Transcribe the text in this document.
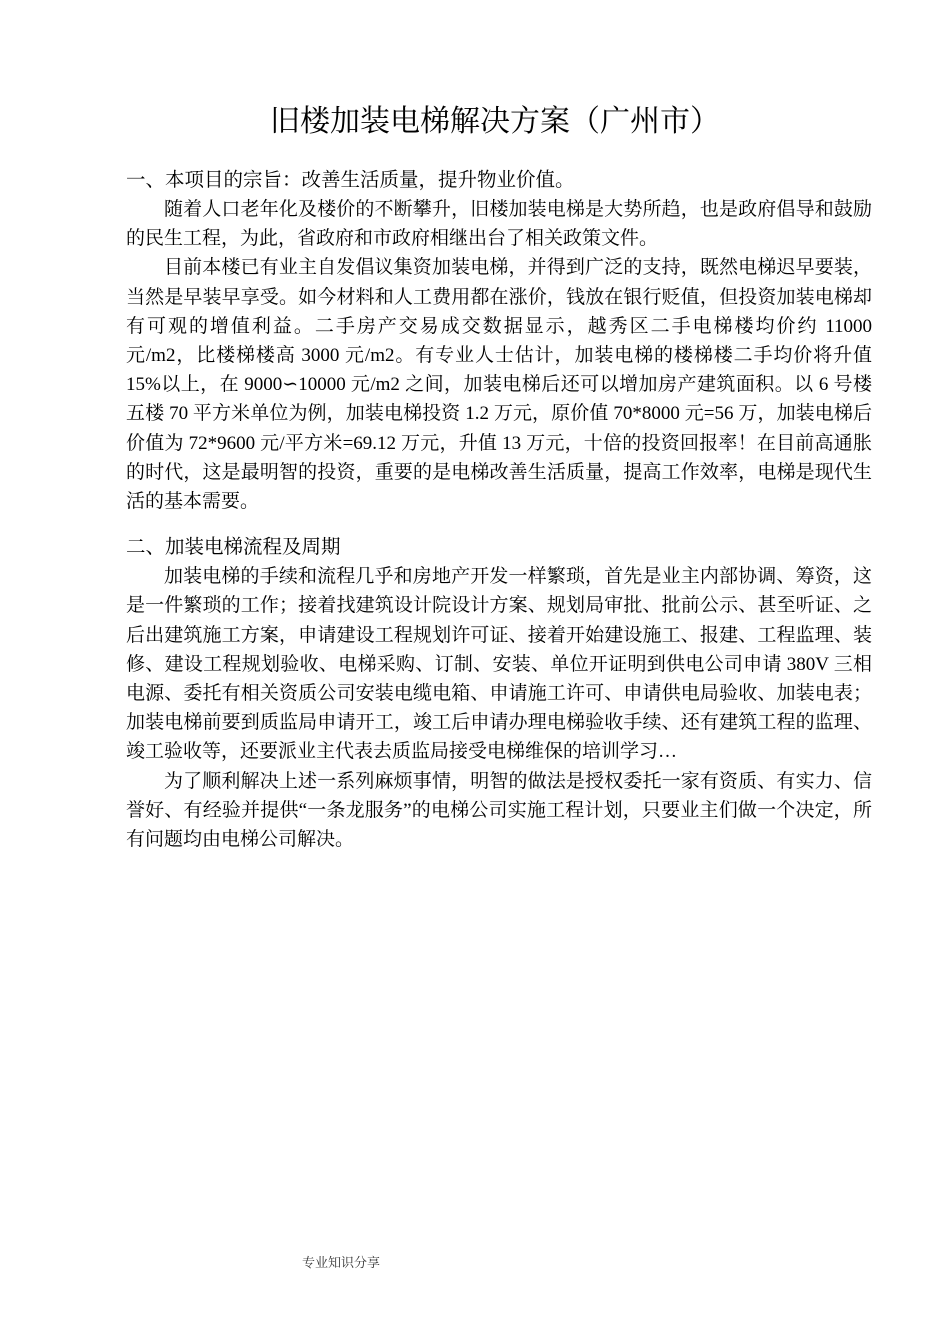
旧楼加装电梯解决方案（广州市）

一、本项目的宗旨：改善生活质量，提升物业价值。

随着人口老年化及楼价的不断攀升，旧楼加装电梯是大势所趋，也是政府倡导和鼓励的民生工程，为此，省政府和市政府相继出台了相关政策文件。

目前本楼已有业主自发倡议集资加装电梯，并得到广泛的支持，既然电梯迟早要装，当然是早装早享受。如今材料和人工费用都在涨价，钱放在银行贬值，但投资加装电梯却有可观的增值利益。二手房产交易成交数据显示，越秀区二手电梯楼均价约 11000 元/m2，比楼梯楼高 3000 元/m2。有专业人士估计，加装电梯的楼梯楼二手均价将升值 15%以上，在 9000∽10000 元/m2 之间，加装电梯后还可以增加房产建筑面积。以 6 号楼五楼 70 平方米单位为例，加装电梯投资 1.2 万元，原价值 70*8000 元=56 万，加装电梯后价值为 72*9600 元/平方米=69.12 万元，升值 13 万元，十倍的投资回报率！在目前高通胀的时代，这是最明智的投资，重要的是电梯改善生活质量，提高工作效率，电梯是现代生活的基本需要。

二、加装电梯流程及周期

加装电梯的手续和流程几乎和房地产开发一样繁琐，首先是业主内部协调、筹资，这是一件繁琐的工作；接着找建筑设计院设计方案、规划局审批、批前公示、甚至听证、之后出建筑施工方案，申请建设工程规划许可证、接着开始建设施工、报建、工程监理、装修、建设工程规划验收、电梯采购、订制、安装、单位开证明到供电公司申请 380V 三相电源、委托有相关资质公司安装电缆电箱、申请施工许可、申请供电局验收、加装电表；加装电梯前要到质监局申请开工，竣工后申请办理电梯验收手续、还有建筑工程的监理、竣工验收等，还要派业主代表去质监局接受电梯维保的培训学习…

为了顺利解决上述一系列麻烦事情，明智的做法是授权委托一家有资质、有实力、信誉好、有经验并提供“一条龙服务”的电梯公司实施工程计划，只要业主们做一个决定，所有问题均由电梯公司解决。

专业知识分享
